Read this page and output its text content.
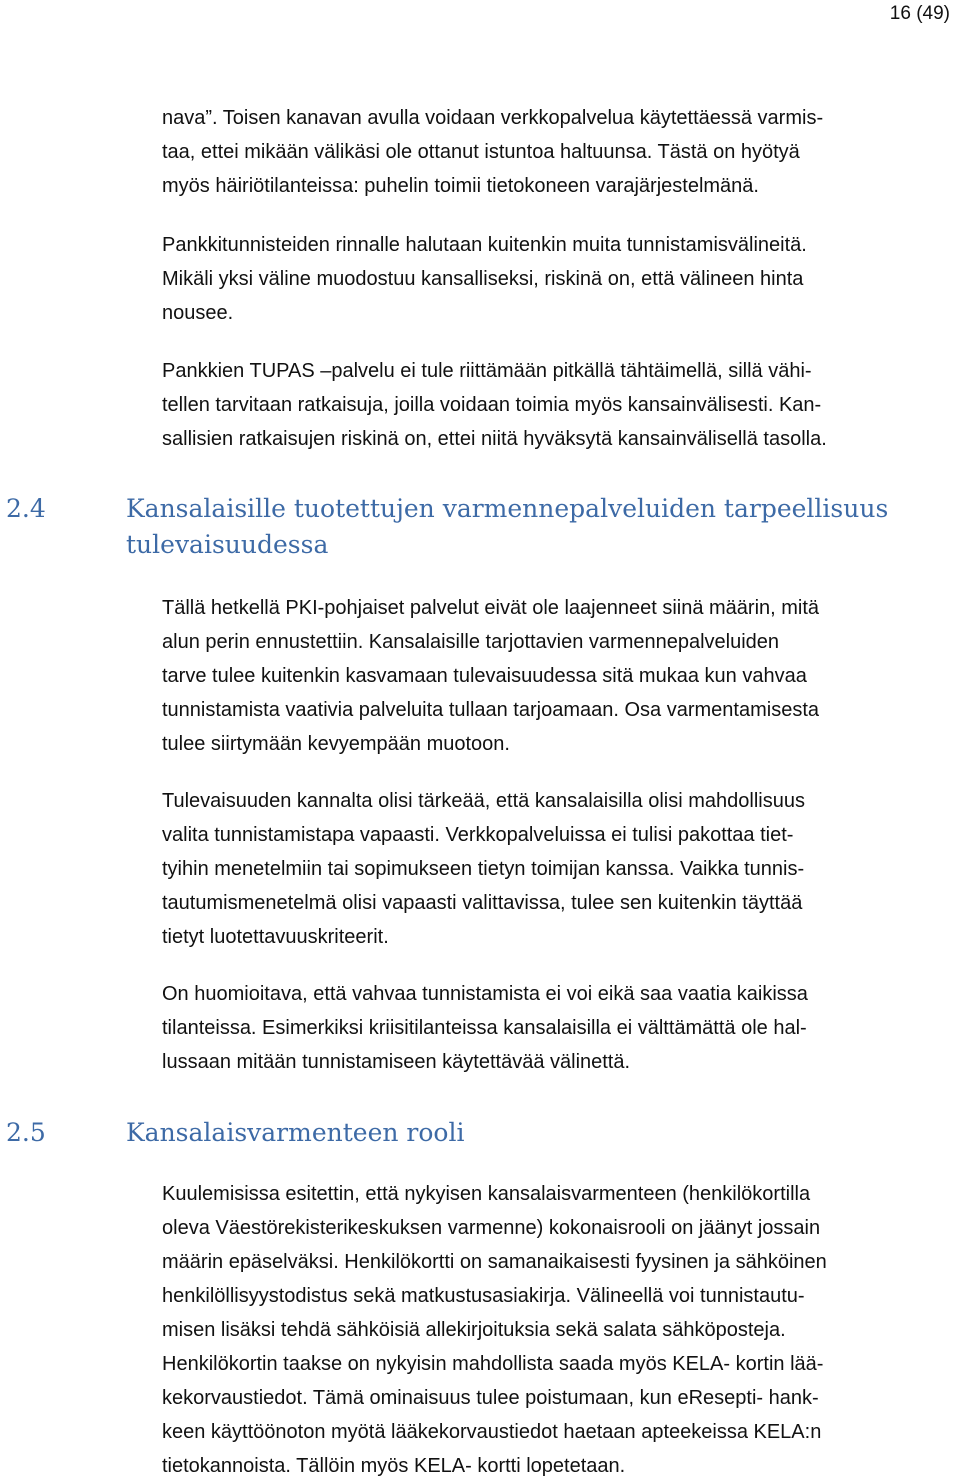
16 (49)

nava”. Toisen kanavan avulla voidaan verkkopalvelua käytettäessä varmis-
taa, ettei mikään välikäsi ole ottanut istuntoa haltuunsa. Tästä on hyötyä
myös häiriötilanteissa: puhelin toimii tietokoneen varajärjestelmänä.

Pankkitunnisteiden rinnalle halutaan kuitenkin muita tunnistamisvälineitä.
Mikäli yksi väline muodostuu kansalliseksi, riskinä on, että välineen hinta
nousee.

Pankkien TUPAS –palvelu ei tule riittämään pitkällä tähtäimellä, sillä vähi-
tellen tarvitaan ratkaisuja, joilla voidaan toimia myös kansainvälisesti. Kan-
sallisien ratkaisujen riskinä on, ettei niitä hyväksytä kansainvälisellä tasolla.

2.4	Kansalaisille tuotettujen varmennepalveluiden tarpeellisuus
tulevaisuudessa

Tällä hetkellä PKI-pohjaiset palvelut eivät ole laajenneet siinä määrin, mitä
alun perin ennustettiin. Kansalaisille tarjottavien varmennepalveluiden
tarve tulee kuitenkin kasvamaan tulevaisuudessa sitä mukaa kun vahvaa
tunnistamista vaativia palveluita tullaan tarjoamaan. Osa varmentamisesta
tulee siirtymään kevyempään muotoon.

Tulevaisuuden kannalta olisi tärkeää, että kansalaisilla olisi mahdollisuus
valita tunnistamistapa vapaasti. Verkkopalveluissa ei tulisi pakottaa tiet-
tyihin menetelmiin tai sopimukseen tietyn toimijan kanssa. Vaikka tunnis-
tautumismenetelmä olisi vapaasti valittavissa, tulee sen kuitenkin täyttää
tietyt luotettavuuskriteerit.

On huomioitava, että vahvaa tunnistamista ei voi eikä saa vaatia kaikissa
tilanteissa. Esimerkiksi kriisitilanteissa kansalaisilla ei välttämättä ole hal-
lussaan mitään tunnistamiseen käytettävää välinettä.

2.5	Kansalaisvarmenteen rooli

Kuulemisissa esitettin, että nykyisen kansalaisvarmenteen (henkilökortilla
oleva Väestörekisterikeskuksen varmenne) kokonaisrooli on jäänyt jossain
määrin epäselväksi. Henkilökortti on samanaikaisesti fyysinen ja sähköinen
henkilöllisyystodistus sekä matkustusasiakirja. Välineellä voi tunnistautu-
misen lisäksi tehdä sähköisiä allekirjoituksia sekä salata sähköposteja.
Henkilökortin taakse on nykyisin mahdollista saada myös KELA- kortin lää-
kekorvaustiedot. Tämä ominaisuus tulee poistumaan, kun eResepti- hank-
keen käyttöönoton myötä lääkekorvaustiedot haetaan apteekeissa KELA:n
tietokannoista. Tällöin myös KELA- kortti lopetetaan.
